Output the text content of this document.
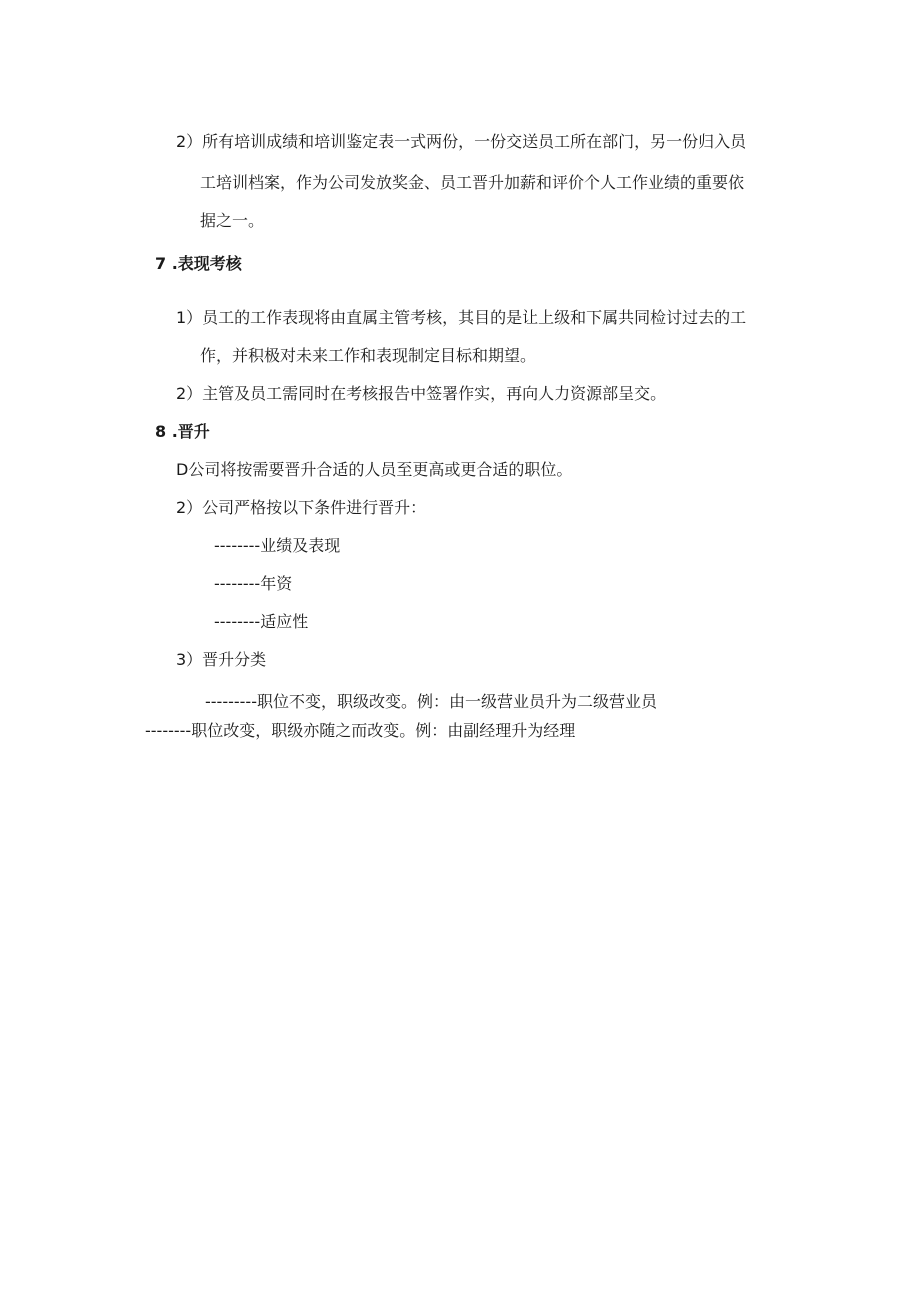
2）所有培训成绩和培训鉴定表一式两份，一份交送员工所在部门，另一份归入员
工培训档案，作为公司发放奖金、员工晋升加薪和评价个人工作业绩的重要依
据之一。
7 .表现考核
1）员工的工作表现将由直属主管考核，其目的是让上级和下属共同检讨过去的工
作，并积极对未来工作和表现制定目标和期望。
2）主管及员工需同时在考核报告中签署作实，再向人力资源部呈交。
8 .晋升
D公司将按需要晋升合适的人员至更高或更合适的职位。
2）公司严格按以下条件进行晋升：
--------业绩及表现
--------年资
--------适应性
3）晋升分类
---------职位不变，职级改变。例：由一级营业员升为二级营业员
--------职位改变，职级亦随之而改变。例：由副经理升为经理
